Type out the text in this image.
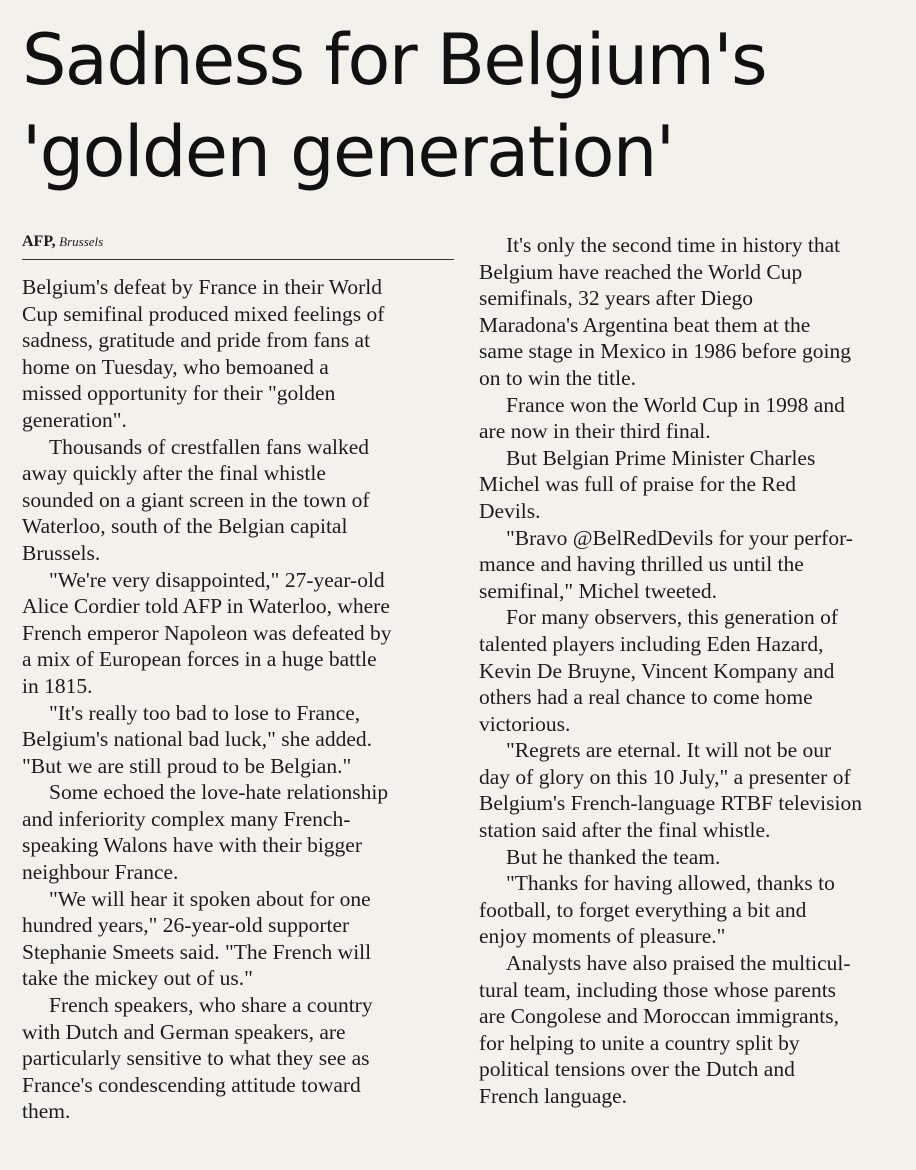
Sadness for Belgium's
'golden generation'
AFP, Brussels

Belgium's defeat by France in their World
Cup semifinal produced mixed feelings of
sadness, gratitude and pride from fans at
home on Tuesday, who bemoaned a
missed opportunity for their "golden
generation".

Thousands of crestfallen fans walked
away quickly after the final whistle
sounded on a giant screen in the town of
Waterloo, south of the Belgian capital
Brussels.

"We're very disappointed," 27-year-old
Alice Cordier told AFP in Waterloo, where
French emperor Napoleon was defeated by
a mix of European forces in a huge battle
in 1815.

"It's really too bad to lose to France,
Belgium's national bad luck," she added.
"But we are still proud to be Belgian."

Some echoed the love-hate relationship
and inferiority complex many French-
speaking Walons have with their bigger
neighbour France.

"We will hear it spoken about for one
hundred years," 26-year-old supporter
Stephanie Smeets said. "The French will
take the mickey out of us."

French speakers, who share a country
with Dutch and German speakers, are
particularly sensitive to what they see as
France's condescending attitude toward
them.

It's only the second time in history that
Belgium have reached the World Cup
semifinals, 32 years after Diego
Maradona's Argentina beat them at the
same stage in Mexico in 1986 before going
on to win the title.

France won the World Cup in 1998 and
are now in their third final.

But Belgian Prime Minister Charles
Michel was full of praise for the Red
Devils.

"Bravo @BelRedDevils for your perfor-
mance and having thrilled us until the
semifinal," Michel tweeted.

For many observers, this generation of
talented players including Eden Hazard,
Kevin De Bruyne, Vincent Kompany and
others had a real chance to come home
victorious.

"Regrets are eternal. It will not be our
day of glory on this 10 July," a presenter of
Belgium's French-language RTBF television
station said after the final whistle.

But he thanked the team.

"Thanks for having allowed, thanks to
football, to forget everything a bit and
enjoy moments of pleasure."

Analysts have also praised the multicul-
tural team, including those whose parents
are Congolese and Moroccan immigrants,
for helping to unite a country split by
political tensions over the Dutch and
French language.
